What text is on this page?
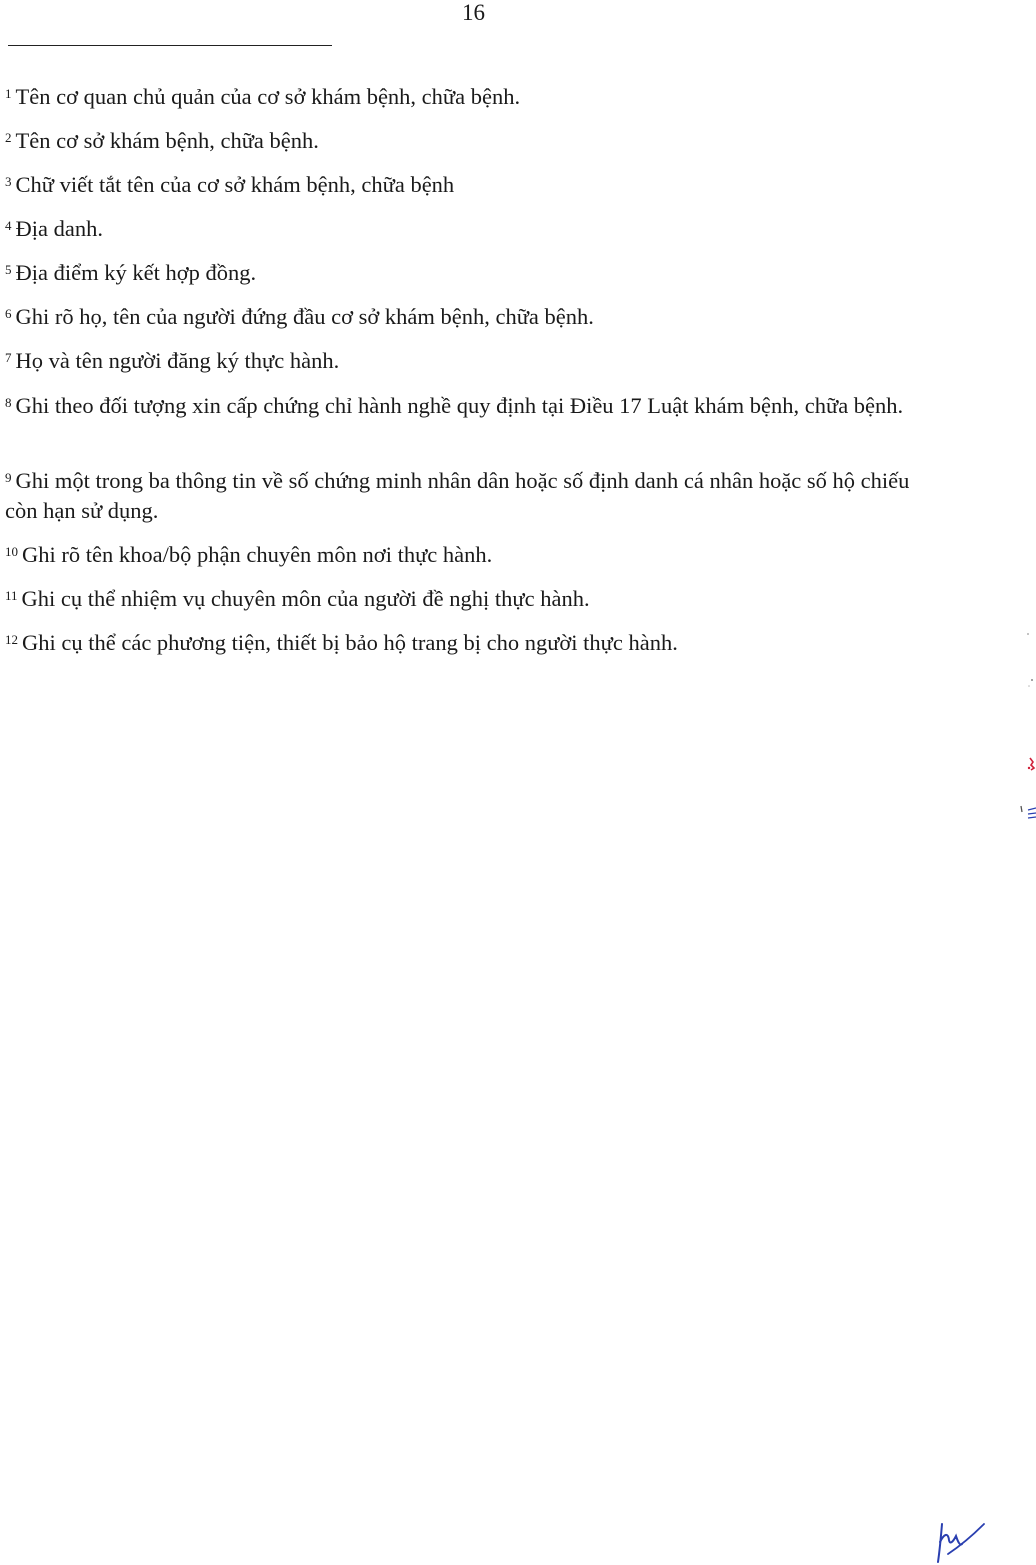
16

$^1$ Tên cơ quan chủ quản của cơ sở khám bệnh, chữa bệnh.

$^2$ Tên cơ sở khám bệnh, chữa bệnh.

$^3$ Chữ viết tắt tên của cơ sở khám bệnh, chữa bệnh

$^4$ Địa danh.

$^5$ Địa điểm ký kết hợp đồng.

$^6$ Ghi rõ họ, tên của người đứng đầu cơ sở khám bệnh, chữa bệnh.

$^7$ Họ và tên người đăng ký thực hành.

$^8$ Ghi theo đối tượng xin cấp chứng chỉ hành nghề quy định tại Điều 17 Luật khám bệnh, chữa bệnh.

$^9$ Ghi một trong ba thông tin về số chứng minh nhân dân hoặc số định danh cá nhân hoặc số hộ chiếu còn hạn sử dụng.

$^{10}$ Ghi rõ tên khoa/bộ phận chuyên môn nơi thực hành.

$^{11}$ Ghi cụ thể nhiệm vụ chuyên môn của người đề nghị thực hành.

$^{12}$ Ghi cụ thể các phương tiện, thiết bị bảo hộ trang bị cho người thực hành.
